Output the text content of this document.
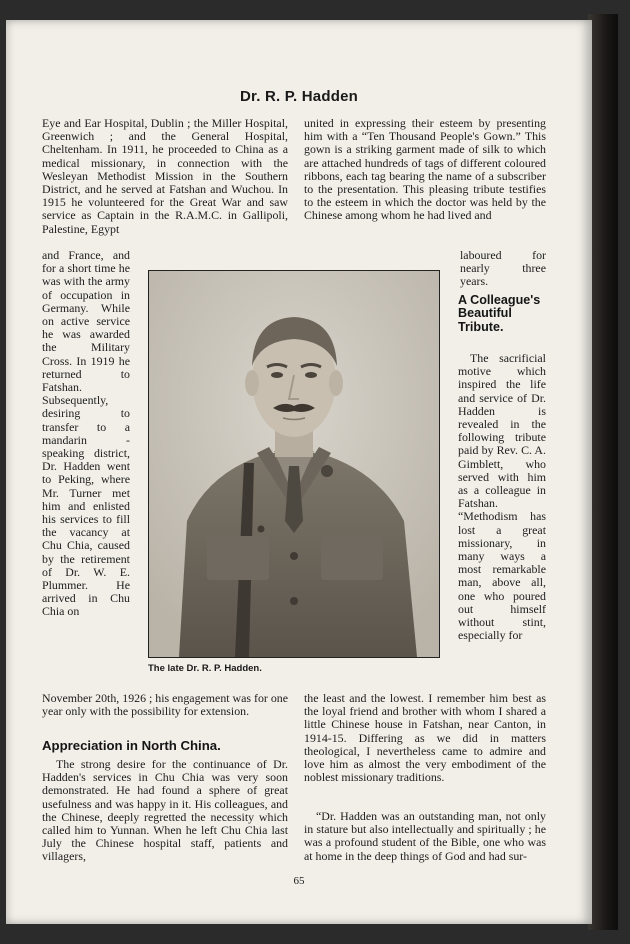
Dr. R. P. Hadden

Eye and Ear Hospital, Dublin ; the Miller Hospital, Greenwich ; and the General Hospital, Cheltenham. In 1911, he proceeded to China as a medical missionary, in connection with the Wesleyan Methodist Mission in the Southern District, and he served at Fatshan and Wuchou. In 1915 he volunteered for the Great War and saw service as Captain in the R.A.M.C. in Gallipoli, Palestine, Egypt

and France, and for a short time he was with the army of occupation in Germany. While on active service he was awarded the Military Cross. In 1919 he returned to Fatshan. Subsequently, desiring to transfer to a mandarin - speaking district, Dr. Hadden went to Peking, where Mr. Turner met him and enlisted his services to fill the vacancy at Chu Chia, caused by the retirement of Dr. W. E. Plummer. He arrived in Chu Chia on

November 20th, 1926 ; his engagement was for one year only with the possibility for extension.

Appreciation in North China.

The strong desire for the continuance of Dr. Hadden's services in Chu Chia was very soon demonstrated. He had found a sphere of great usefulness and was happy in it. His colleagues, and the Chinese, deeply regretted the necessity which called him to Yunnan. When he left Chu Chia last July the Chinese hospital staff, patients and villagers,

united in expressing their esteem by presenting him with a “Ten Thousand People's Gown.” This gown is a striking garment made of silk to which are attached hundreds of tags of different coloured ribbons, each tag bearing the name of a subscriber to the presentation. This pleasing tribute testifies to the esteem in which the doctor was held by the Chinese among whom he had lived and

laboured for nearly three years.

A Colleague's Beautiful Tribute.

The sacrificial motive which inspired the life and service of Dr. Hadden is revealed in the following tribute paid by Rev. C. A. Gimblett, who served with him as a colleague in Fatshan. “Methodism has lost a great missionary, in many ways a most remarkable man, above all, one who poured out himself without stint, especially for

the least and the lowest. I remember him best as the loyal friend and brother with whom I shared a little Chinese house in Fatshan, near Canton, in 1914-15. Differing as we did in matters theological, I nevertheless came to admire and love him as almost the very embodiment of the noblest missionary traditions.

“Dr. Hadden was an outstanding man, not only in stature but also intellectually and spiritually ; he was a profound student of the Bible, one who was at home in the deep things of God and had sur-

The late Dr. R. P. Hadden.
65
